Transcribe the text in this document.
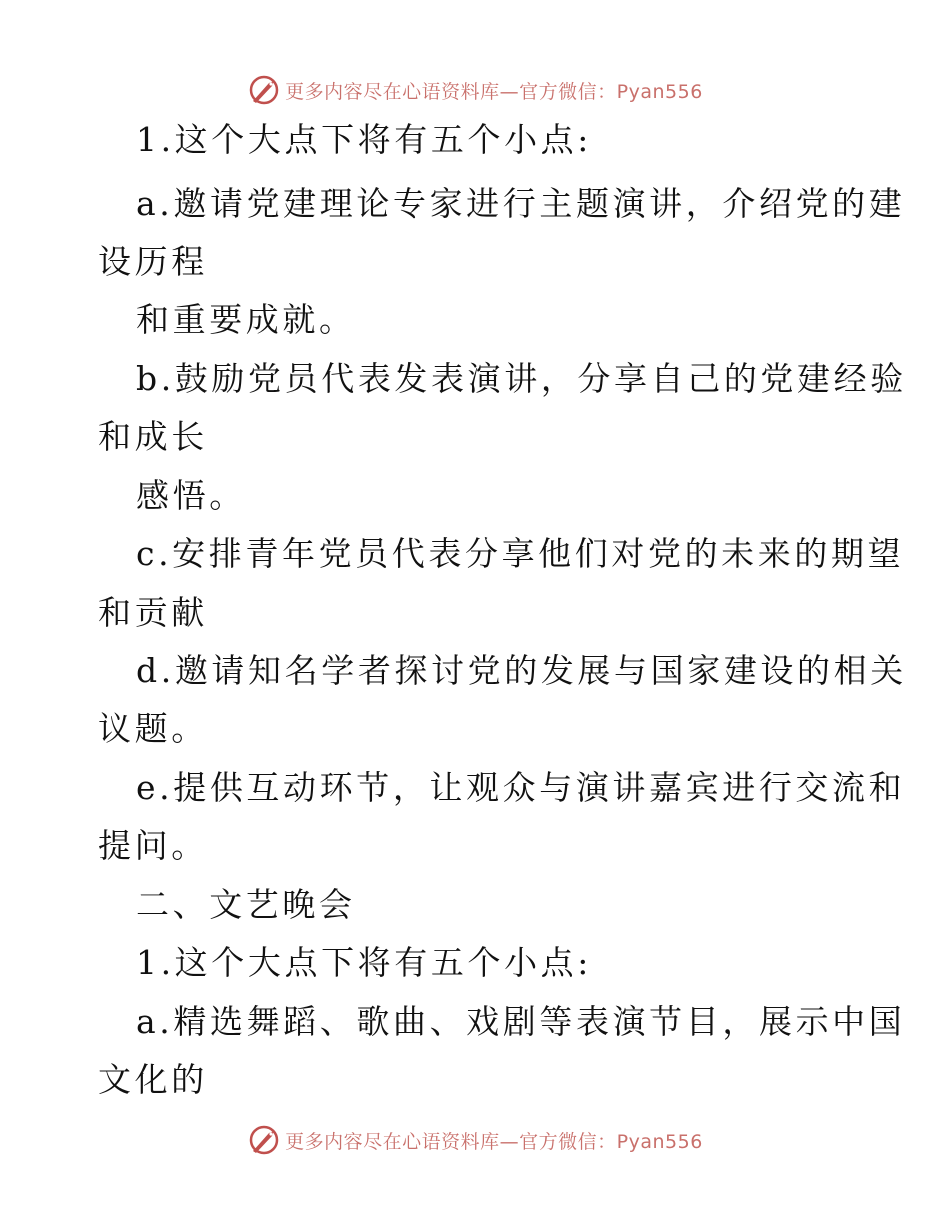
更多内容尽在心语资料库—官方微信：Pyan556
1.这个大点下将有五个小点:
a.邀请党建理论专家进行主题演讲，介绍党的建
设历程
和重要成就。
b.鼓励党员代表发表演讲，分享自己的党建经验
和成长
感悟。
c.安排青年党员代表分享他们对党的未来的期望
和贡献
d.邀请知名学者探讨党的发展与国家建设的相关
议题。
e.提供互动环节，让观众与演讲嘉宾进行交流和
提问。
二、文艺晚会
1.这个大点下将有五个小点:
a.精选舞蹈、歌曲、戏剧等表演节目，展示中国
文化的
更多内容尽在心语资料库—官方微信：Pyan556
